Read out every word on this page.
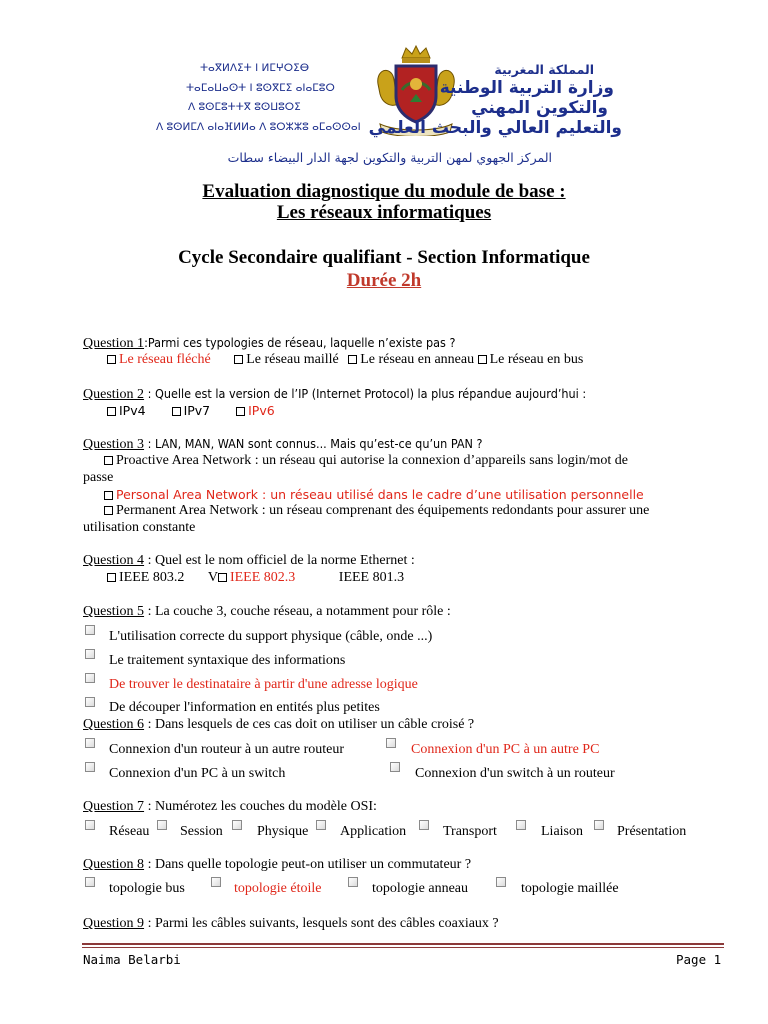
ⵜⴰⴳⵍⴷⵉⵜ ⵏ ⵍⵎⵖⵔⵉⴱ
ⵜⴰⵎⴰⵡⴰⵙⵜ ⵏ ⵓⵙⴳⵎⵉ ⴰⵏⴰⵎⵓⵔ
ⴷ ⵓⵙⵎⵓⵜⵜⴳ ⵓⵙⵡⵓⵔⵉ
ⴷ ⵓⵙⵍⵎⴷ ⴰⵏⴰⴼⵍⵍⴰ ⴷ ⵓⵔⵣⵣⵓ ⴰⵎⴰⵙⵙⴰⵏ
المملكة المغربية
وزارة التربية الوطنية
والتكوين المهني
والتعليم العالي والبحث العلمي
المركز الجهوي لمهن التربية والتكوين لجهة الدار البيضاء سطات
Evaluation diagnostique du module de base :
Les réseaux informatiques
Cycle Secondaire qualifiant - Section Informatique
Durée 2h
Question 1:Parmi ces typologies de réseau, laquelle n’existe pas ?
Le réseau fléché	Le réseau maillé Le réseau en anneau Le réseau en bus
Question 2 : Quelle est la version de l’IP (Internet Protocol) la plus répandue aujourd’hui :
IPv4	IPv7	IPv6
Question 3 : LAN, MAN, WAN sont connus... Mais qu’est-ce qu’un PAN ?
Proactive Area Network : un réseau qui autorise la connexion d’appareils sans login/mot de
passe
Personal Area Network : un réseau utilisé dans le cadre d’une utilisation personnelle
Permanent Area Network : un réseau comprenant des équipements redondants pour assurer une
utilisation constante
Question 4 : Quel est le nom officiel de la norme Ethernet :
IEEE 803.2 V IEEE 802.3	IEEE 801.3
Question 5 : La couche 3, couche réseau, a notamment pour rôle :
L'utilisation correcte du support physique (câble, onde ...)
Le traitement syntaxique des informations
De trouver le destinataire à partir d'une adresse logique
De découper l'information en entités plus petites
Question 6 : Dans lesquels de ces cas doit on utiliser un câble croisé ?
Connexion d'un routeur à un autre routeur	Connexion d'un PC à un autre PC
Connexion d'un PC à un switch	Connexion d'un switch à un routeur
Question 7 : Numérotez les couches du modèle OSI:
Réseau Session Physique Application	Transport	Liaison Présentation
Question 8 : Dans quelle topologie peut-on utiliser un commutateur ?
topologie bus	topologie étoile	topologie anneau	topologie maillée
Question 9 : Parmi les câbles suivants, lesquels sont des câbles coaxiaux ?
Naima Belarbi	Page 1
